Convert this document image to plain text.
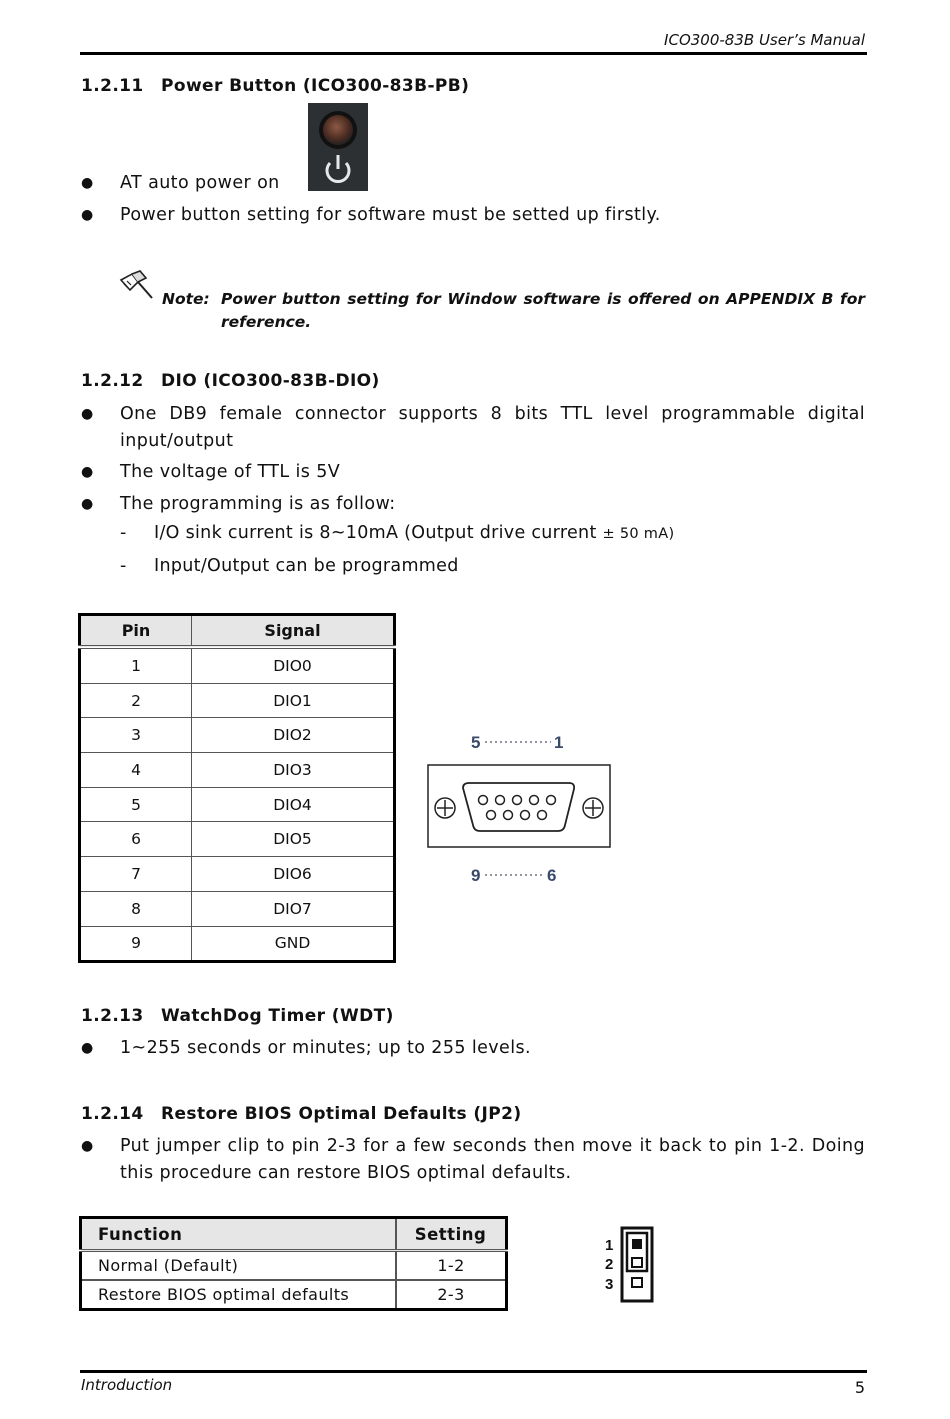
ICO300-83B User’s Manual
1.2.11 Power Button (ICO300-83B-PB)
● AT auto power on
● Power button setting for software must be setted up firstly.
Note: Power button setting for Window software is offered on APPENDIX B for
reference.
1.2.12 DIO (ICO300-83B-DIO)
● One DB9 female connector supports 8 bits TTL level programmable digital
input/output
● The voltage of TTL is 5V
● The programming is as follow:
- I/O sink current is 8~10mA (Output drive current ± 50 mA)
- Input/Output can be programmed
Pin	Signal
1	DIO0
2	DIO1
3	DIO2
4	DIO3
5	DIO4
6	DIO5
7	DIO6
8	DIO7
9	GND
5	1
9	6
1.2.13 WatchDog Timer (WDT)
● 1~255 seconds or minutes; up to 255 levels.
1.2.14 Restore BIOS Optimal Defaults (JP2)
● Put jumper clip to pin 2-3 for a few seconds then move it back to pin 1-2. Doing
this procedure can restore BIOS optimal defaults.
Function	Setting
Normal (Default)	1-2
Restore BIOS optimal defaults	2-3
1
2
3
Introduction	5
